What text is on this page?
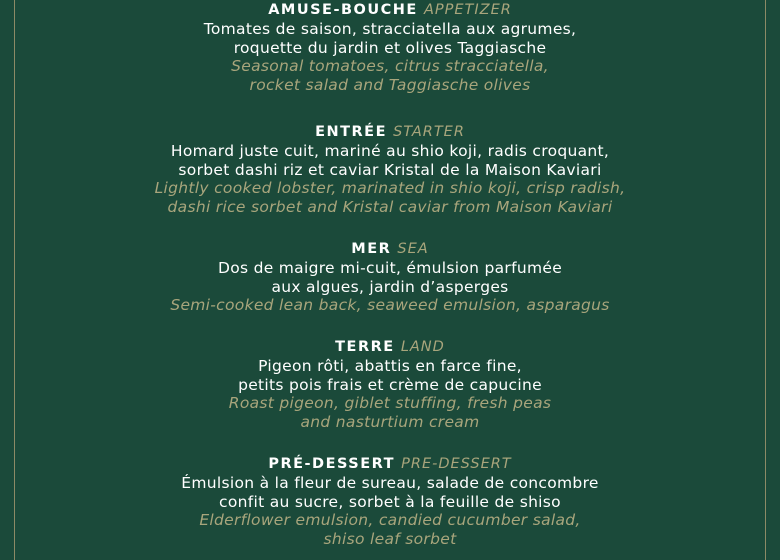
AMUSE-BOUCHE APPETIZER

Tomates de saison, stracciatella aux agrumes,

roquette du jardin et olives Taggiasche

Seasonal tomatoes, citrus stracciatella,

rocket salad and Taggiasche olives

ENTRÉE STARTER

Homard juste cuit, mariné au shio koji, radis croquant,

sorbet dashi riz et caviar Kristal de la Maison Kaviari

Lightly cooked lobster, marinated in shio koji, crisp radish,

dashi rice sorbet and Kristal caviar from Maison Kaviari

MER SEA

Dos de maigre mi-cuit, émulsion parfumée

aux algues, jardin d’asperges

Semi-cooked lean back, seaweed emulsion, asparagus

TERRE LAND

Pigeon rôti, abattis en farce fine,

petits pois frais et crème de capucine

Roast pigeon, giblet stuffing, fresh peas

and nasturtium cream

PRÉ-DESSERT PRE-DESSERT

Émulsion à la fleur de sureau, salade de concombre

confit au sucre, sorbet à la feuille de shiso

Elderflower emulsion, candied cucumber salad,

shiso leaf sorbet
